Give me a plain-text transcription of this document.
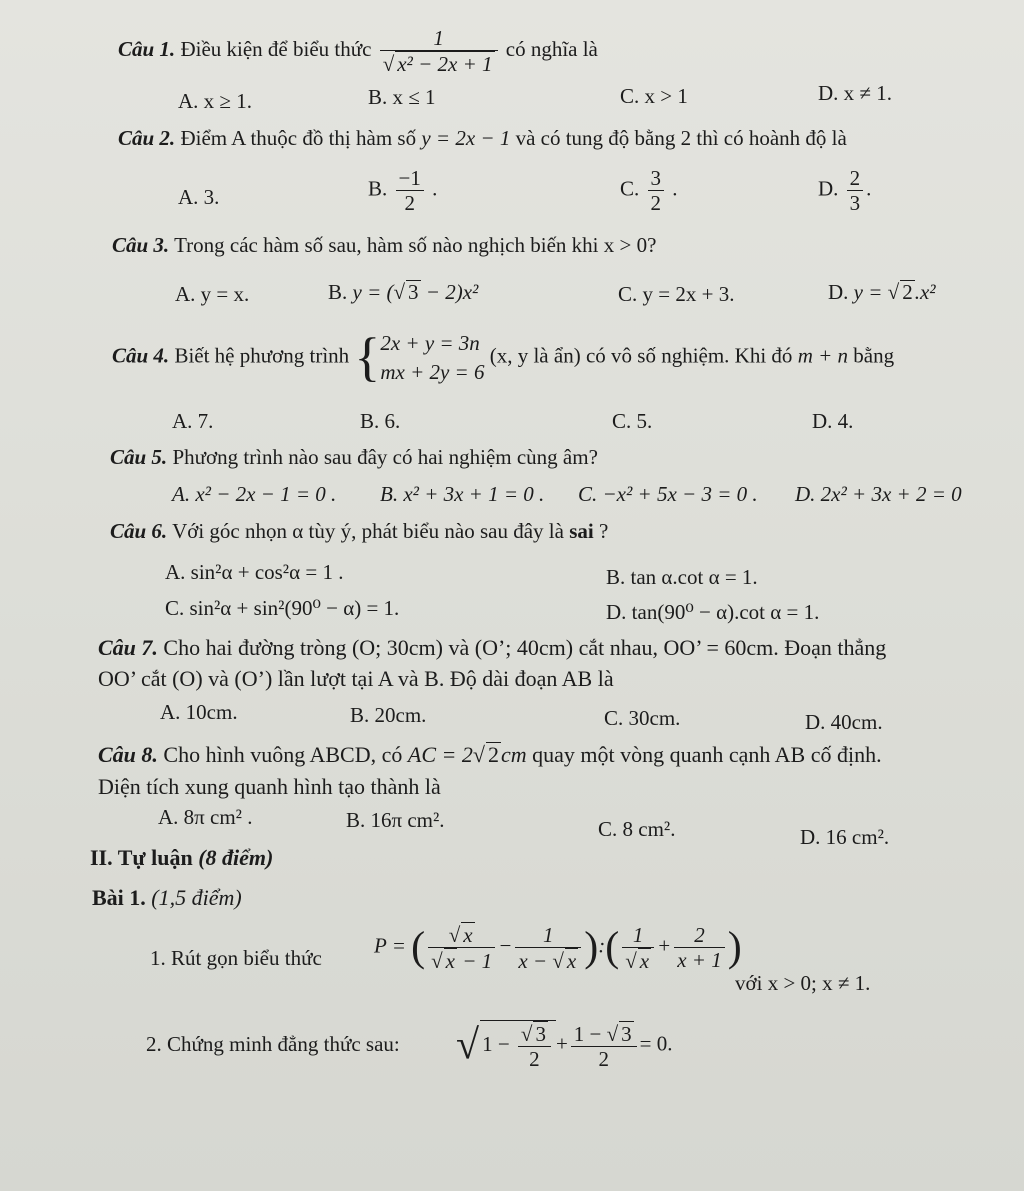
Câu 1. Điều kiện để biểu thức $\frac{1}{\text{√ x² − 2x + 1}}$ có nghĩa là
A. x ≥ 1.	B. x ≤ 1	C. x > 1	D. x ≠ 1.
Câu 2. Điểm A thuộc đồ thị hàm số y = 2x − 1 và có tung độ bằng 2 thì có hoành độ là
A. 3.	B. $\frac{-1}{2}$ .	C. $\frac{3}{2}$ .	D. $\frac{2}{3}$ .
Câu 3. Trong các hàm số sau, hàm số nào nghịch biến khi x > 0?
A. y = x.	B. y = (√ 3 − 2)x²	C. y = 2x + 3.	D. y = √ 2.x²
Câu 4. Biết hệ phương trình {2x + y = 3n
mx + 2y = 6 (x, y là ẩn) có vô số nghiệm. Khi đó m + n bằng
A. 7.	B. 6.	C. 5.	D. 4.
Câu 5. Phương trình nào sau đây có hai nghiệm cùng âm?
A. x² − 2x − 1 = 0 . B. x² + 3x + 1 = 0 . C. −x² + 5x − 3 = 0 . D. 2x² + 3x + 2 = 0
Câu 6. Với góc nhọn α tùy ý, phát biểu nào sau đây là sai ?
A. sin²α + cos²α = 1 .	B. tan α.cot α = 1.
C. sin²α + sin²(90⁰ − α) = 1.	D. tan(90⁰ − α).cot α = 1.
Câu 7. Cho hai đường tròng (O; 30cm) và (O’; 40cm) cắt nhau, OO’ = 60cm. Đoạn thẳng
OO’ cắt (O) và (O’) lần lượt tại A và B. Độ dài đoạn AB là
A. 10cm.	B. 20cm.	C. 30cm.	D. 40cm.
Câu 8. Cho hình vuông ABCD, có AC = 2√ 2cm quay một vòng quanh cạnh AB cố định.
Diện tích xung quanh hình tạo thành là
A. 8π cm² .	B. 16π cm².	C. 8 cm².	D. 16 cm².
II. Tự luận (8 điểm)
Bài 1. (1,5 điểm)
1. Rút gọn biểu thức
P = ( $\frac{√ x}{√ x - 1} - \frac{1}{x - √ x}$ ):( $\frac{1}{√ x} + \frac{2}{x + 1}$ )
với x > 0; x ≠ 1.
2. Chứng minh đẳng thức sau: √ $1 - \frac{√ 3}{2} + \frac{1 - √ 3}{2} = 0$.
